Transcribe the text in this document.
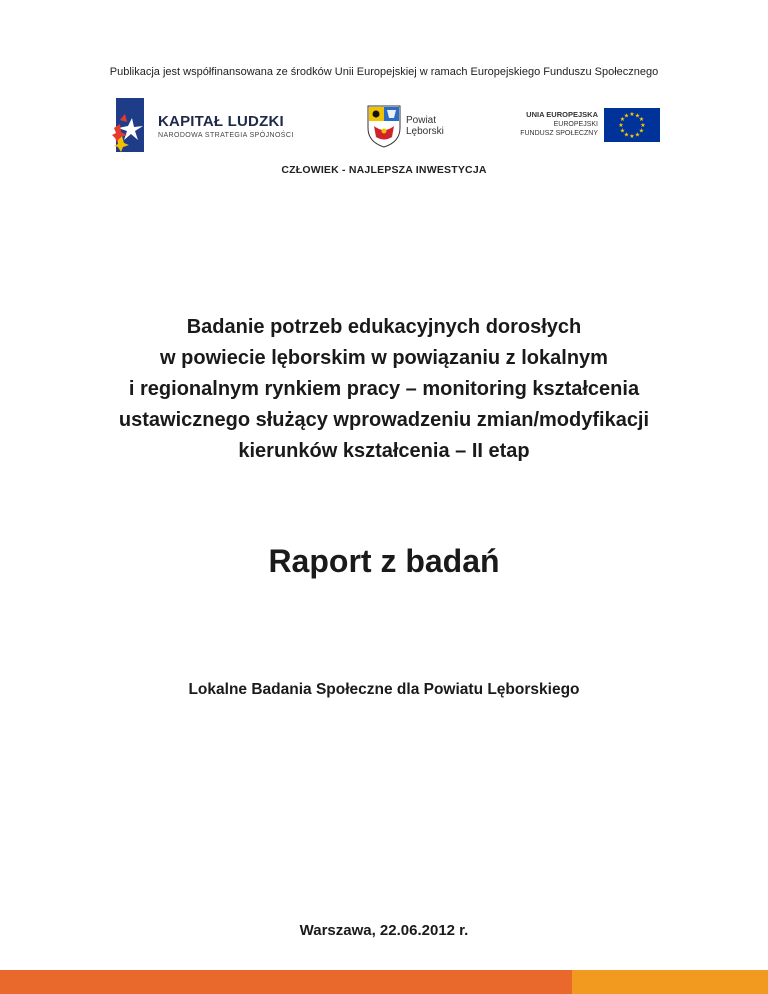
Publikacja jest współfinansowana ze środków Unii Europejskiej w ramach Europejskiego Funduszu Społecznego
KAPITAŁ LUDZKI
NARODOWA STRATEGIA SPÓJNOŚCI
Powiat
Lęborski
UNIA EUROPEJSKA
EUROPEJSKI
FUNDUSZ SPOŁECZNY
★ ★
★
★
★
★
★
★
★
★
★
★
CZŁOWIEK - NAJLEPSZA INWESTYCJA
Badanie potrzeb edukacyjnych dorosłych
w powiecie lęborskim w powiązaniu z lokalnym
i regionalnym rynkiem pracy – monitoring kształcenia
ustawicznego służący wprowadzeniu zmian/modyfikacji
kierunków kształcenia – II etap
Raport z badań
Lokalne Badania Społeczne dla Powiatu Lęborskiego
Warszawa, 22.06.2012 r.
